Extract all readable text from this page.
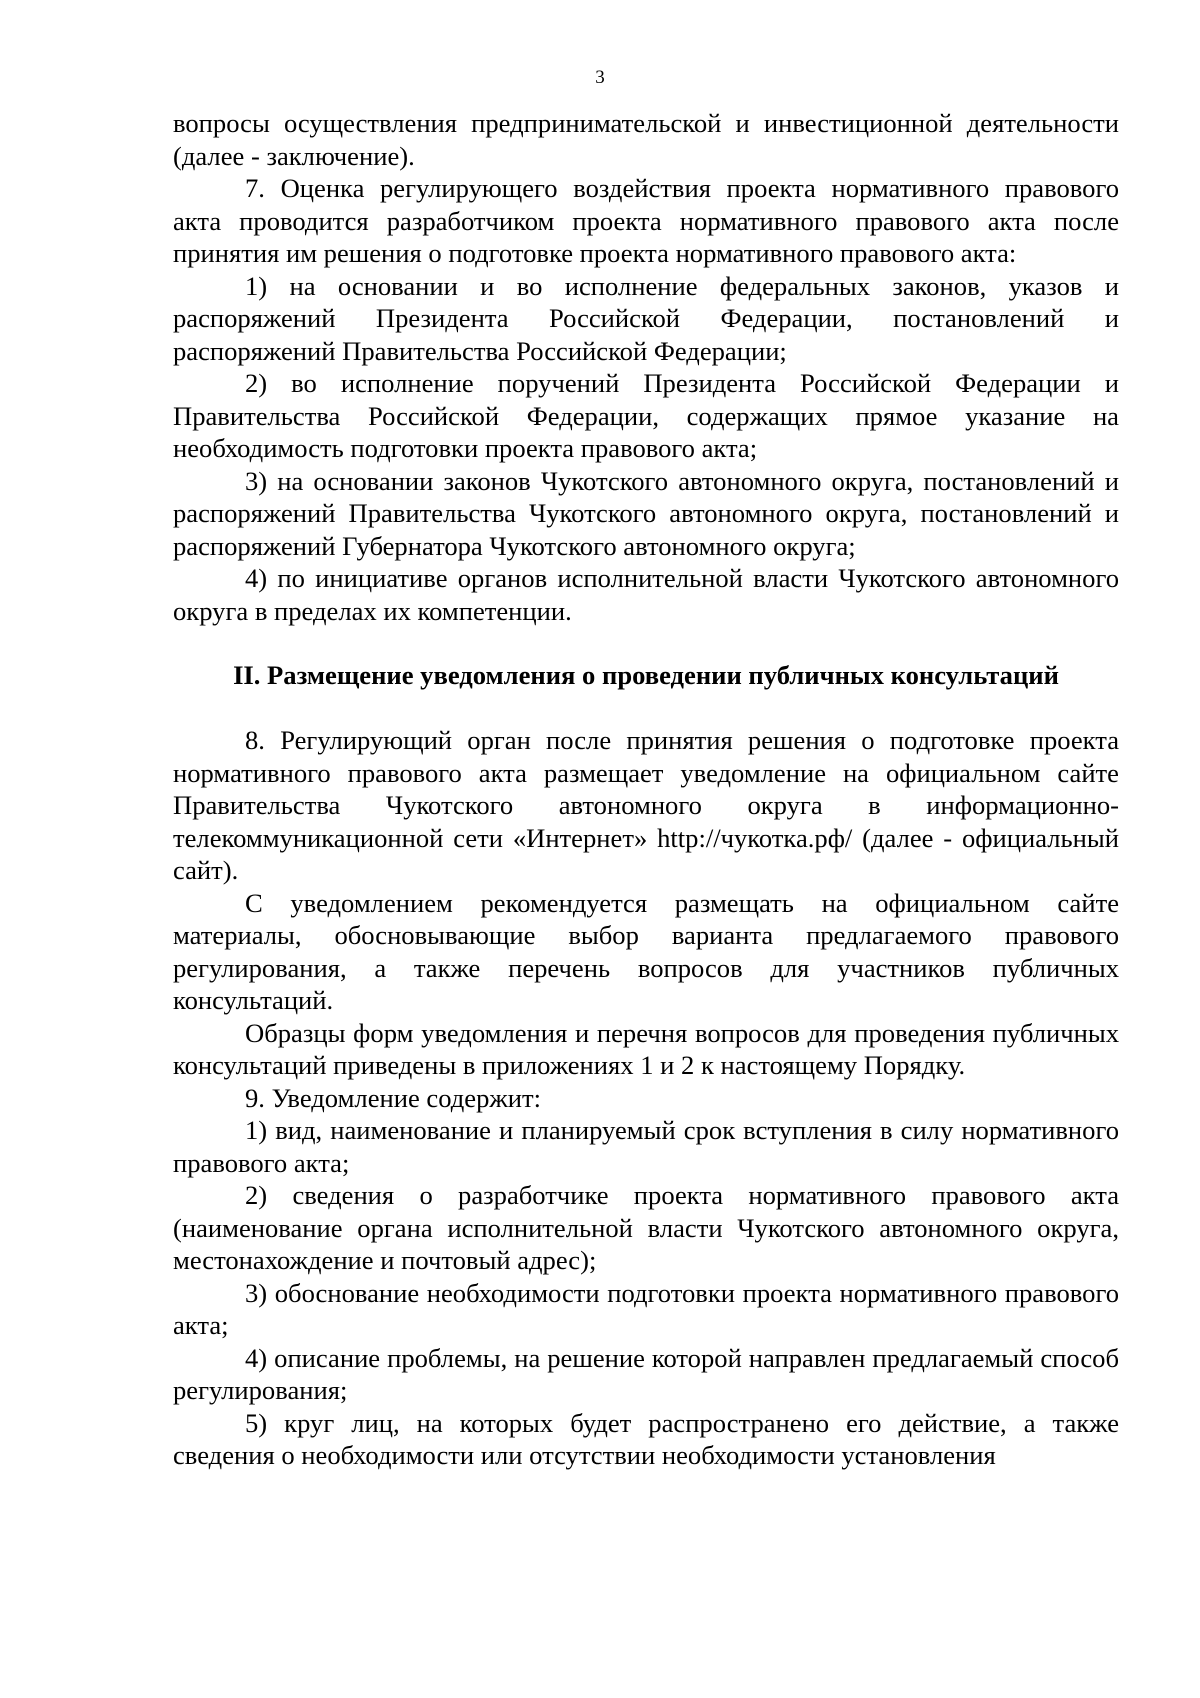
3

вопросы осуществления предпринимательской и инвестиционной деятельности (далее - заключение).

7. Оценка регулирующего воздействия проекта нормативного правового акта проводится разработчиком проекта нормативного правового акта после принятия им решения о подготовке проекта нормативного правового акта:

1) на основании и во исполнение федеральных законов, указов и распоряжений Президента Российской Федерации, постановлений и распоряжений Правительства Российской Федерации;

2) во исполнение поручений Президента Российской Федерации и Правительства Российской Федерации, содержащих прямое указание на необходимость подготовки проекта правового акта;

3) на основании законов Чукотского автономного округа, постановлений и распоряжений Правительства Чукотского автономного округа, постановлений и распоряжений Губернатора Чукотского автономного округа;

4) по инициативе органов исполнительной власти Чукотского автономного округа в пределах их компетенции.

II. Размещение уведомления о проведении публичных консультаций

8. Регулирующий орган после принятия решения о подготовке проекта нормативного правового акта размещает уведомление на официальном сайте Правительства Чукотского автономного округа в информационно-телекоммуникационной сети «Интернет» http://чукотка.рф/ (далее - официальный сайт).

С уведомлением рекомендуется размещать на официальном сайте материалы, обосновывающие выбор варианта предлагаемого правового регулирования, а также перечень вопросов для участников публичных консультаций.

Образцы форм уведомления и перечня вопросов для проведения публичных консультаций приведены в приложениях 1 и 2 к настоящему Порядку.

9. Уведомление содержит:

1) вид, наименование и планируемый срок вступления в силу нормативного правового акта;

2) сведения о разработчике проекта нормативного правового акта (наименование органа исполнительной власти Чукотского автономного округа, местонахождение и почтовый адрес);

3) обоснование необходимости подготовки проекта нормативного правового акта;

4) описание проблемы, на решение которой направлен предлагаемый способ регулирования;

5) круг лиц, на которых будет распространено его действие, а также сведения о необходимости или отсутствии необходимости установления
